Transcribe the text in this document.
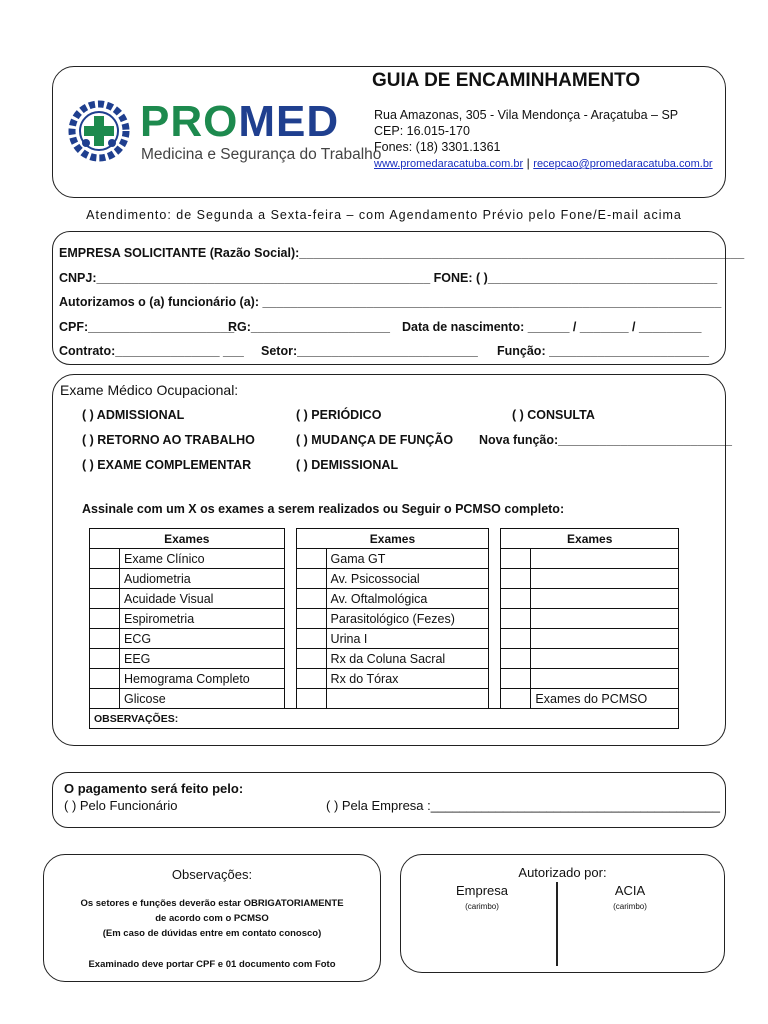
PROMED
Medicina e Segurança do Trabalho
GUIA DE ENCAMINHAMENTO
Rua Amazonas, 305 - Vila Mendonça - Araçatuba – SP
CEP: 16.015-170
Fones: (18) 3301.1361
www.promedaracatuba.com.br | recepcao@promedaracatuba.com.br
Atendimento: de Segunda a Sexta-feira – com Agendamento Prévio pelo Fone/E-mail acima
EMPRESA SOLICITANTE (Razão Social):________________________________________________________________
CNPJ:________________________________________________ FONE: ( )_________________________________
Autorizamos o (a) funcionário (a): __________________________________________________________________
CPF:_____________________
RG:____________________ Data de nascimento: ______ / _______ / _________
Contrato:_______________ ___ Setor:__________________________ Função: _______________________
Exame Médico Ocupacional:
( ) ADMISSIONAL	( ) PERIÓDICO	( ) CONSULTA
( ) RETORNO AO TRABALHO	( ) MUDANÇA DE FUNÇÃO Nova função:_________________________
( ) EXAME COMPLEMENTAR	( ) DEMISSIONAL
Assinale com um X os exames a serem realizados ou Seguir o PCMSO completo:
Exames			Exames			Exames	
	Exame Clínico			Gama GT			
	Audiometria			Av. Psicossocial			
	Acuidade Visual			Av. Oftalmológica			
	Espirometria			Parasitológico (Fezes)			
	ECG			Urina I			
	EEG			Rx da Coluna Sacral			
	Hemograma Completo			Rx do Tórax			
	Glicose						Exames do PCMSO
OBSERVAÇÕES:							
O pagamento será feito pelo:
( ) Pelo Funcionário	( ) Pela Empresa :________________________________________
Observações:
Os setores e funções deverão estar OBRIGATORIAMENTE
de acordo com o PCMSO
(Em caso de dúvidas entre em contato conosco)
Examinado deve portar CPF e 01 documento com Foto
Autorizado por:
Empresa
(carimbo)
ACIA
(carimbo)
